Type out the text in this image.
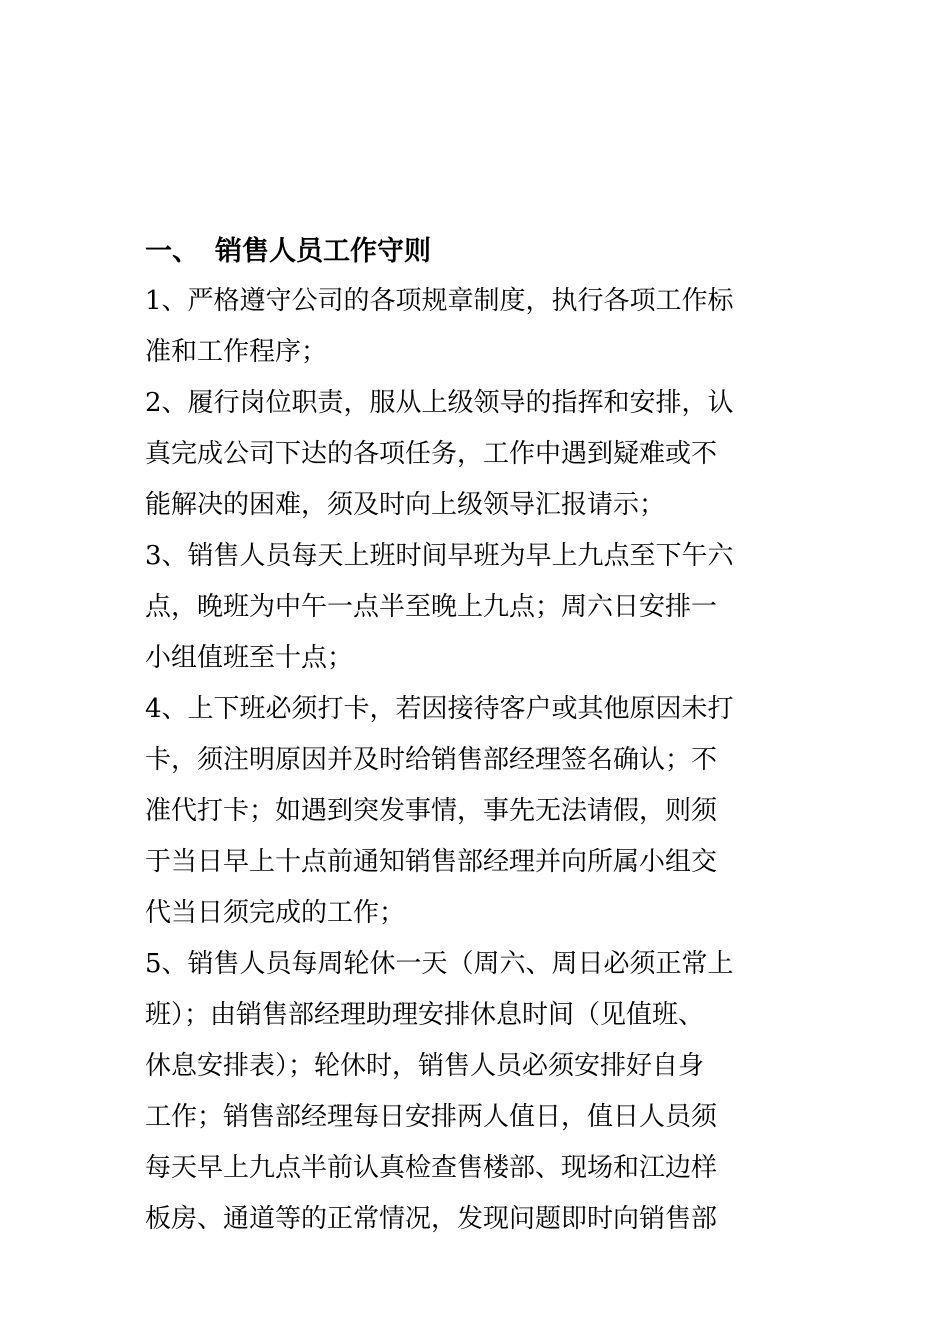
一、 销售人员工作守则

1、严格遵守公司的各项规章制度，执行各项工作标
准和工作程序；

2、履行岗位职责，服从上级领导的指挥和安排，认
真完成公司下达的各项任务，工作中遇到疑难或不
能解决的困难，须及时向上级领导汇报请示；

3、销售人员每天上班时间早班为早上九点至下午六
点，晚班为中午一点半至晚上九点；周六日安排一
小组值班至十点；

4、上下班必须打卡，若因接待客户或其他原因未打
卡，须注明原因并及时给销售部经理签名确认；不
准代打卡；如遇到突发事情，事先无法请假，则须
于当日早上十点前通知销售部经理并向所属小组交
代当日须完成的工作；

5、销售人员每周轮休一天（周六、周日必须正常上
班）；由销售部经理助理安排休息时间（见值班、
休息安排表）；轮休时，销售人员必须安排好自身
工作；销售部经理每日安排两人值日，值日人员须
每天早上九点半前认真检查售楼部、现场和江边样
板房、通道等的正常情况，发现问题即时向销售部
